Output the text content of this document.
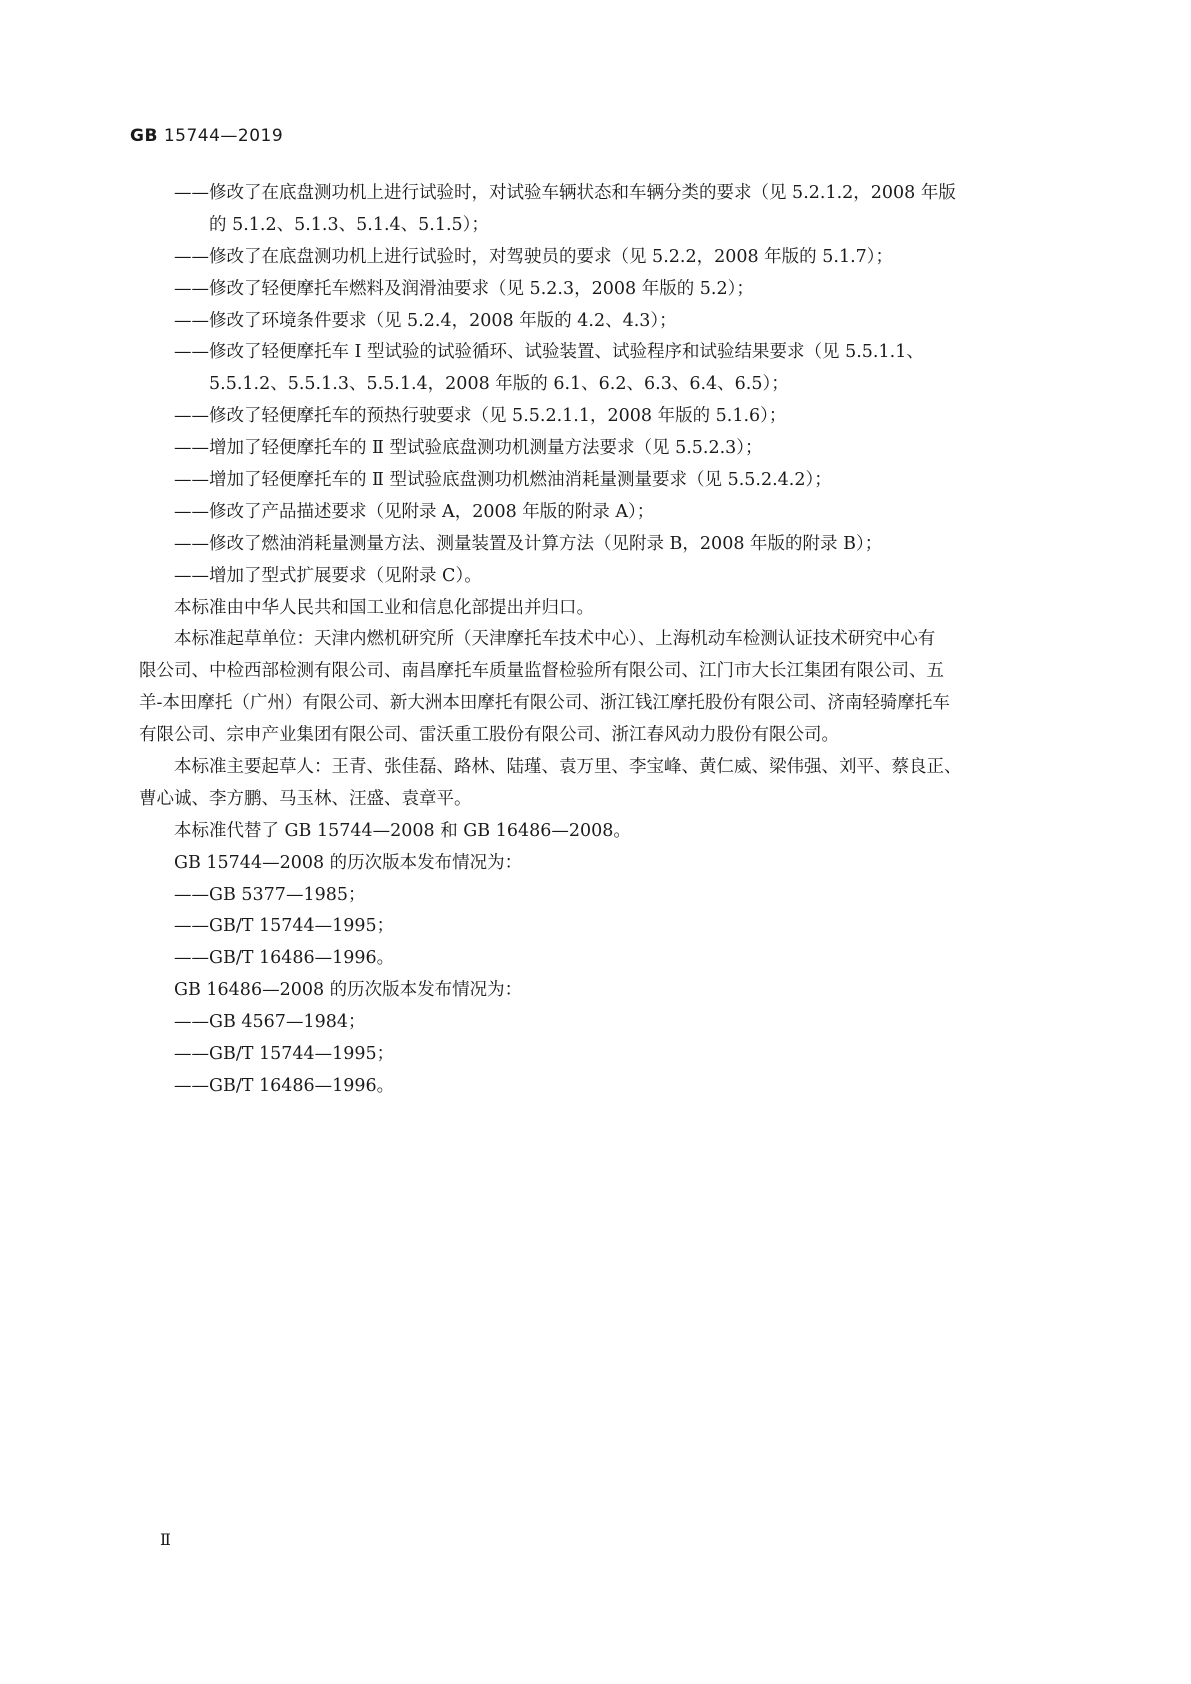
GB 15744—2019
——修改了在底盘测功机上进行试验时，对试验车辆状态和车辆分类的要求（见 5.2.1.2，2008 年版
的 5.1.2、5.1.3、5.1.4、5.1.5）；
——修改了在底盘测功机上进行试验时，对驾驶员的要求（见 5.2.2，2008 年版的 5.1.7）；
——修改了轻便摩托车燃料及润滑油要求（见 5.2.3，2008 年版的 5.2）；
——修改了环境条件要求（见 5.2.4，2008 年版的 4.2、4.3）；
——修改了轻便摩托车 Ⅰ 型试验的试验循环、试验装置、试验程序和试验结果要求（见 5.5.1.1、
5.5.1.2、5.5.1.3、5.5.1.4，2008 年版的 6.1、6.2、6.3、6.4、6.5）；
——修改了轻便摩托车的预热行驶要求（见 5.5.2.1.1，2008 年版的 5.1.6）；
——增加了轻便摩托车的 Ⅱ 型试验底盘测功机测量方法要求（见 5.5.2.3）；
——增加了轻便摩托车的 Ⅱ 型试验底盘测功机燃油消耗量测量要求（见 5.5.2.4.2）；
——修改了产品描述要求（见附录 A，2008 年版的附录 A）；
——修改了燃油消耗量测量方法、测量装置及计算方法（见附录 B，2008 年版的附录 B）；
——增加了型式扩展要求（见附录 C）。
本标准由中华人民共和国工业和信息化部提出并归口。
本标准起草单位：天津内燃机研究所（天津摩托车技术中心）、上海机动车检测认证技术研究中心有
限公司、中检西部检测有限公司、南昌摩托车质量监督检验所有限公司、江门市大长江集团有限公司、五
羊-本田摩托（广州）有限公司、新大洲本田摩托有限公司、浙江钱江摩托股份有限公司、济南轻骑摩托车
有限公司、宗申产业集团有限公司、雷沃重工股份有限公司、浙江春风动力股份有限公司。
本标准主要起草人：王青、张佳磊、路林、陆瑾、袁万里、李宝峰、黄仁威、梁伟强、刘平、蔡良正、
曹心诚、李方鹏、马玉林、汪盛、袁章平。
本标准代替了 GB 15744—2008 和 GB 16486—2008。
GB 15744—2008 的历次版本发布情况为：
——GB 5377—1985；
——GB/T 15744—1995；
——GB/T 16486—1996。
GB 16486—2008 的历次版本发布情况为：
——GB 4567—1984；
——GB/T 15744—1995；
——GB/T 16486—1996。
Ⅱ
